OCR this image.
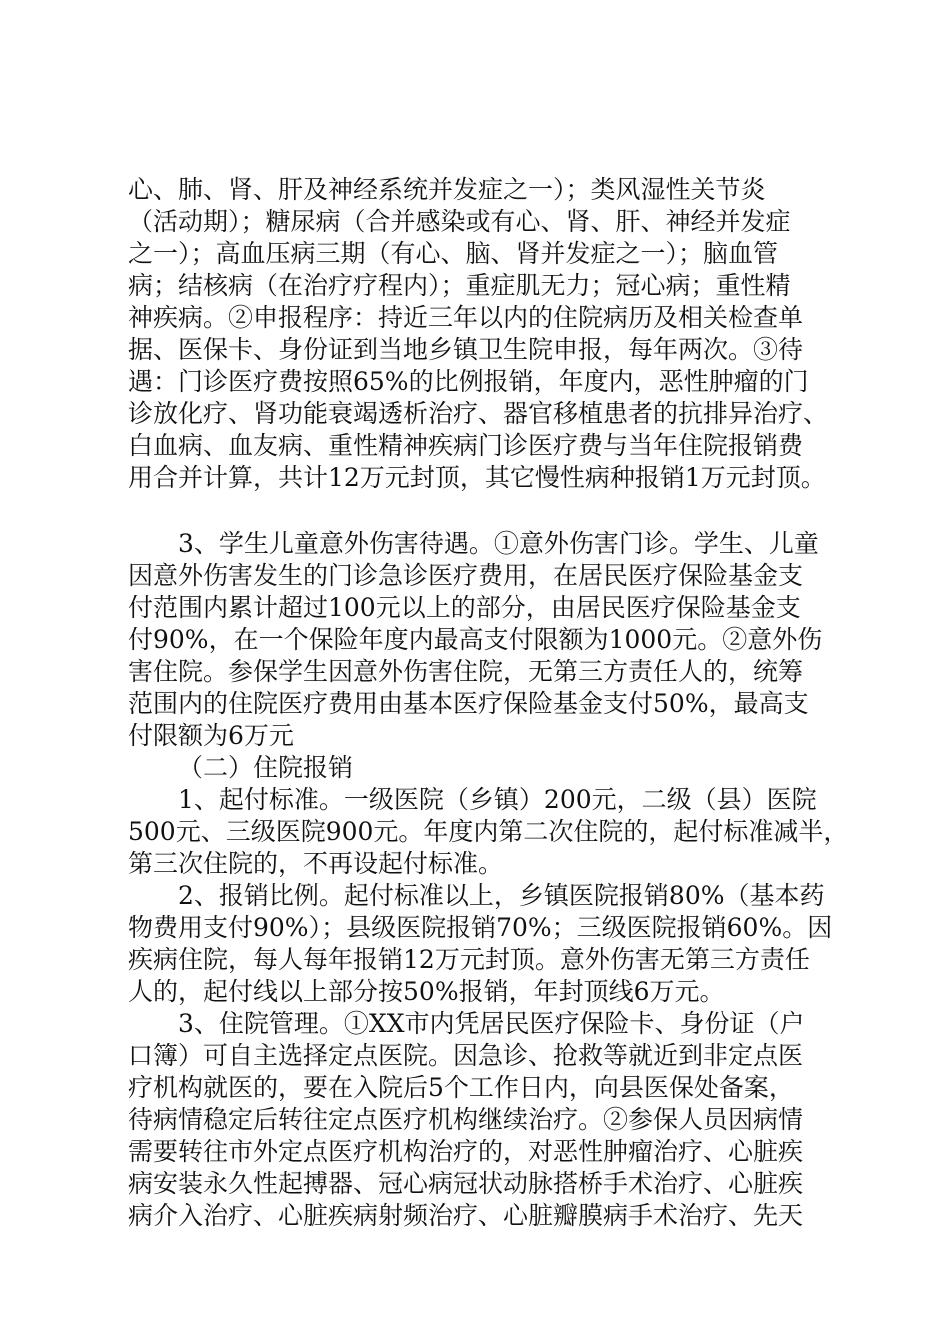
心、肺、肾、肝及神经系统并发症之一）；类风湿性关节炎
（活动期）；糖尿病（合并感染或有心、肾、肝、神经并发症
之一）；高血压病三期（有心、脑、肾并发症之一）；脑血管
病；结核病（在治疗疗程内）；重症肌无力；冠心病；重性精
神疾病。②申报程序：持近三年以内的住院病历及相关检查单
据、医保卡、身份证到当地乡镇卫生院申报，每年两次。③待
遇：门诊医疗费按照65%的比例报销，年度内，恶性肿瘤的门
诊放化疗、肾功能衰竭透析治疗、器官移植患者的抗排异治疗、
白血病、血友病、重性精神疾病门诊医疗费与当年住院报销费
用合并计算，共计12万元封顶，其它慢性病种报销1万元封顶。
3、学生儿童意外伤害待遇。①意外伤害门诊。学生、儿童
因意外伤害发生的门诊急诊医疗费用，在居民医疗保险基金支
付范围内累计超过100元以上的部分，由居民医疗保险基金支
付90%，在一个保险年度内最高支付限额为1000元。②意外伤
害住院。参保学生因意外伤害住院，无第三方责任人的，统筹
范围内的住院医疗费用由基本医疗保险基金支付50%，最高支
付限额为6万元
（二）住院报销
1、起付标准。一级医院（乡镇）200元，二级（县）医院
500元、三级医院900元。年度内第二次住院的，起付标准减半，
第三次住院的，不再设起付标准。
2、报销比例。起付标准以上，乡镇医院报销80%（基本药
物费用支付90%）；县级医院报销70%；三级医院报销60%。因
疾病住院，每人每年报销12万元封顶。意外伤害无第三方责任
人的，起付线以上部分按50%报销，年封顶线6万元。
3、住院管理。①XX市内凭居民医疗保险卡、身份证（户
口簿）可自主选择定点医院。因急诊、抢救等就近到非定点医
疗机构就医的，要在入院后5个工作日内，向县医保处备案，
待病情稳定后转往定点医疗机构继续治疗。②参保人员因病情
需要转往市外定点医疗机构治疗的，对恶性肿瘤治疗、心脏疾
病安装永久性起搏器、冠心病冠状动脉搭桥手术治疗、心脏疾
病介入治疗、心脏疾病射频治疗、心脏瓣膜病手术治疗、先天
